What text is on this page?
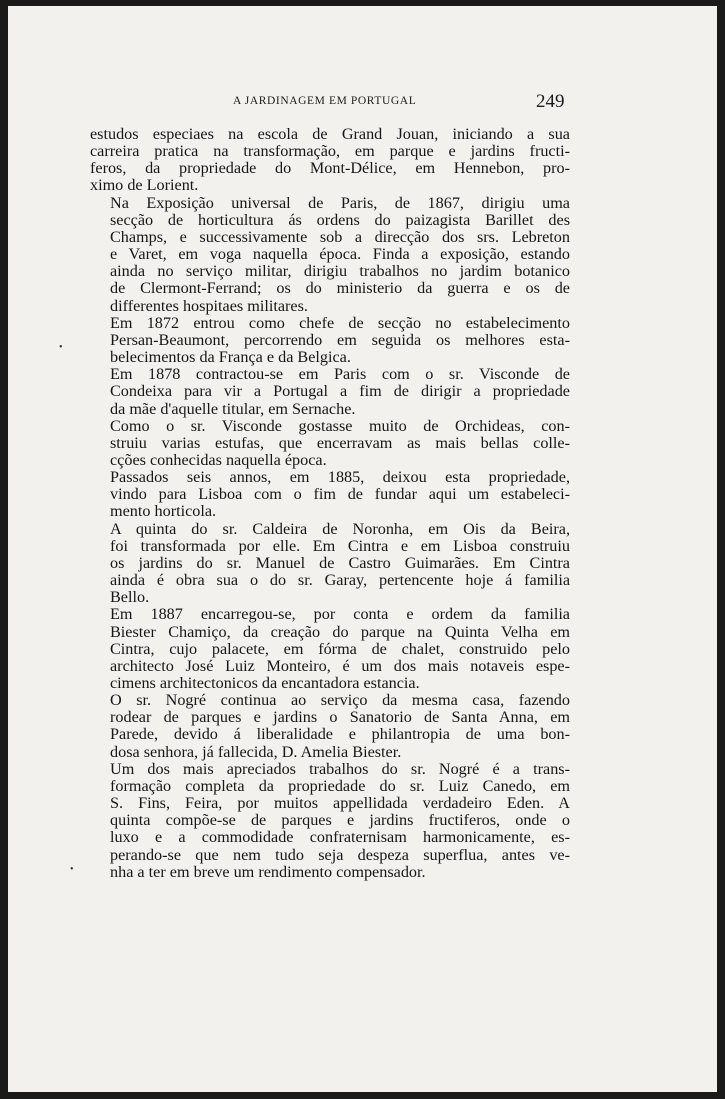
A JARDINAGEM EM PORTUGAL	249

estudos especiaes na escola de Grand Jouan, iniciando a sua
carreira pratica na transformação, em parque e jardins fructi-
feros, da propriedade do Mont-Délice, em Hennebon, pro-
ximo de Lorient.

Na Exposição universal de Paris, de 1867, dirigiu uma
secção de horticultura ás ordens do paizagista Barillet des
Champs, e successivamente sob a direcção dos srs. Lebreton
e Varet, em voga naquella época. Finda a exposição, estando
ainda no serviço militar, dirigiu trabalhos no jardim botanico
de Clermont-Ferrand; os do ministerio da guerra e os de
differentes hospitaes militares.

Em 1872 entrou como chefe de secção no estabelecimento
Persan-Beaumont, percorrendo em seguida os melhores esta-
belecimentos da França e da Belgica.

Em 1878 contractou-se em Paris com o sr. Visconde de
Condeixa para vir a Portugal a fim de dirigir a propriedade
da mãe d'aquelle titular, em Sernache.

Como o sr. Visconde gostasse muito de Orchideas, con-
struiu varias estufas, que encerravam as mais bellas colle-
cções conhecidas naquella época.

Passados seis annos, em 1885, deixou esta propriedade,
vindo para Lisboa com o fim de fundar aqui um estabeleci-
mento horticola.

A quinta do sr. Caldeira de Noronha, em Ois da Beira,
foi transformada por elle. Em Cintra e em Lisboa construiu
os jardins do sr. Manuel de Castro Guimarães. Em Cintra
ainda é obra sua o do sr. Garay, pertencente hoje á familia
Bello.

Em 1887 encarregou-se, por conta e ordem da familia
Biester Chamiço, da creação do parque na Quinta Velha em
Cintra, cujo palacete, em fórma de chalet, construido pelo
architecto José Luiz Monteiro, é um dos mais notaveis espe-
cimens architectonicos da encantadora estancia.

O sr. Nogré continua ao serviço da mesma casa, fazendo
rodear de parques e jardins o Sanatorio de Santa Anna, em
Parede, devido á liberalidade e philantropia de uma bon-
dosa senhora, já fallecida, D. Amelia Biester.

Um dos mais apreciados trabalhos do sr. Nogré é a trans-
formação completa da propriedade do sr. Luiz Canedo, em
S. Fins, Feira, por muitos appellidada verdadeiro Eden. A
quinta compõe-se de parques e jardins fructiferos, onde o
luxo e a commodidade confraternisam harmonicamente, es-
perando-se que nem tudo seja despeza superflua, antes ve-
nha a ter em breve um rendimento compensador.

•
•
